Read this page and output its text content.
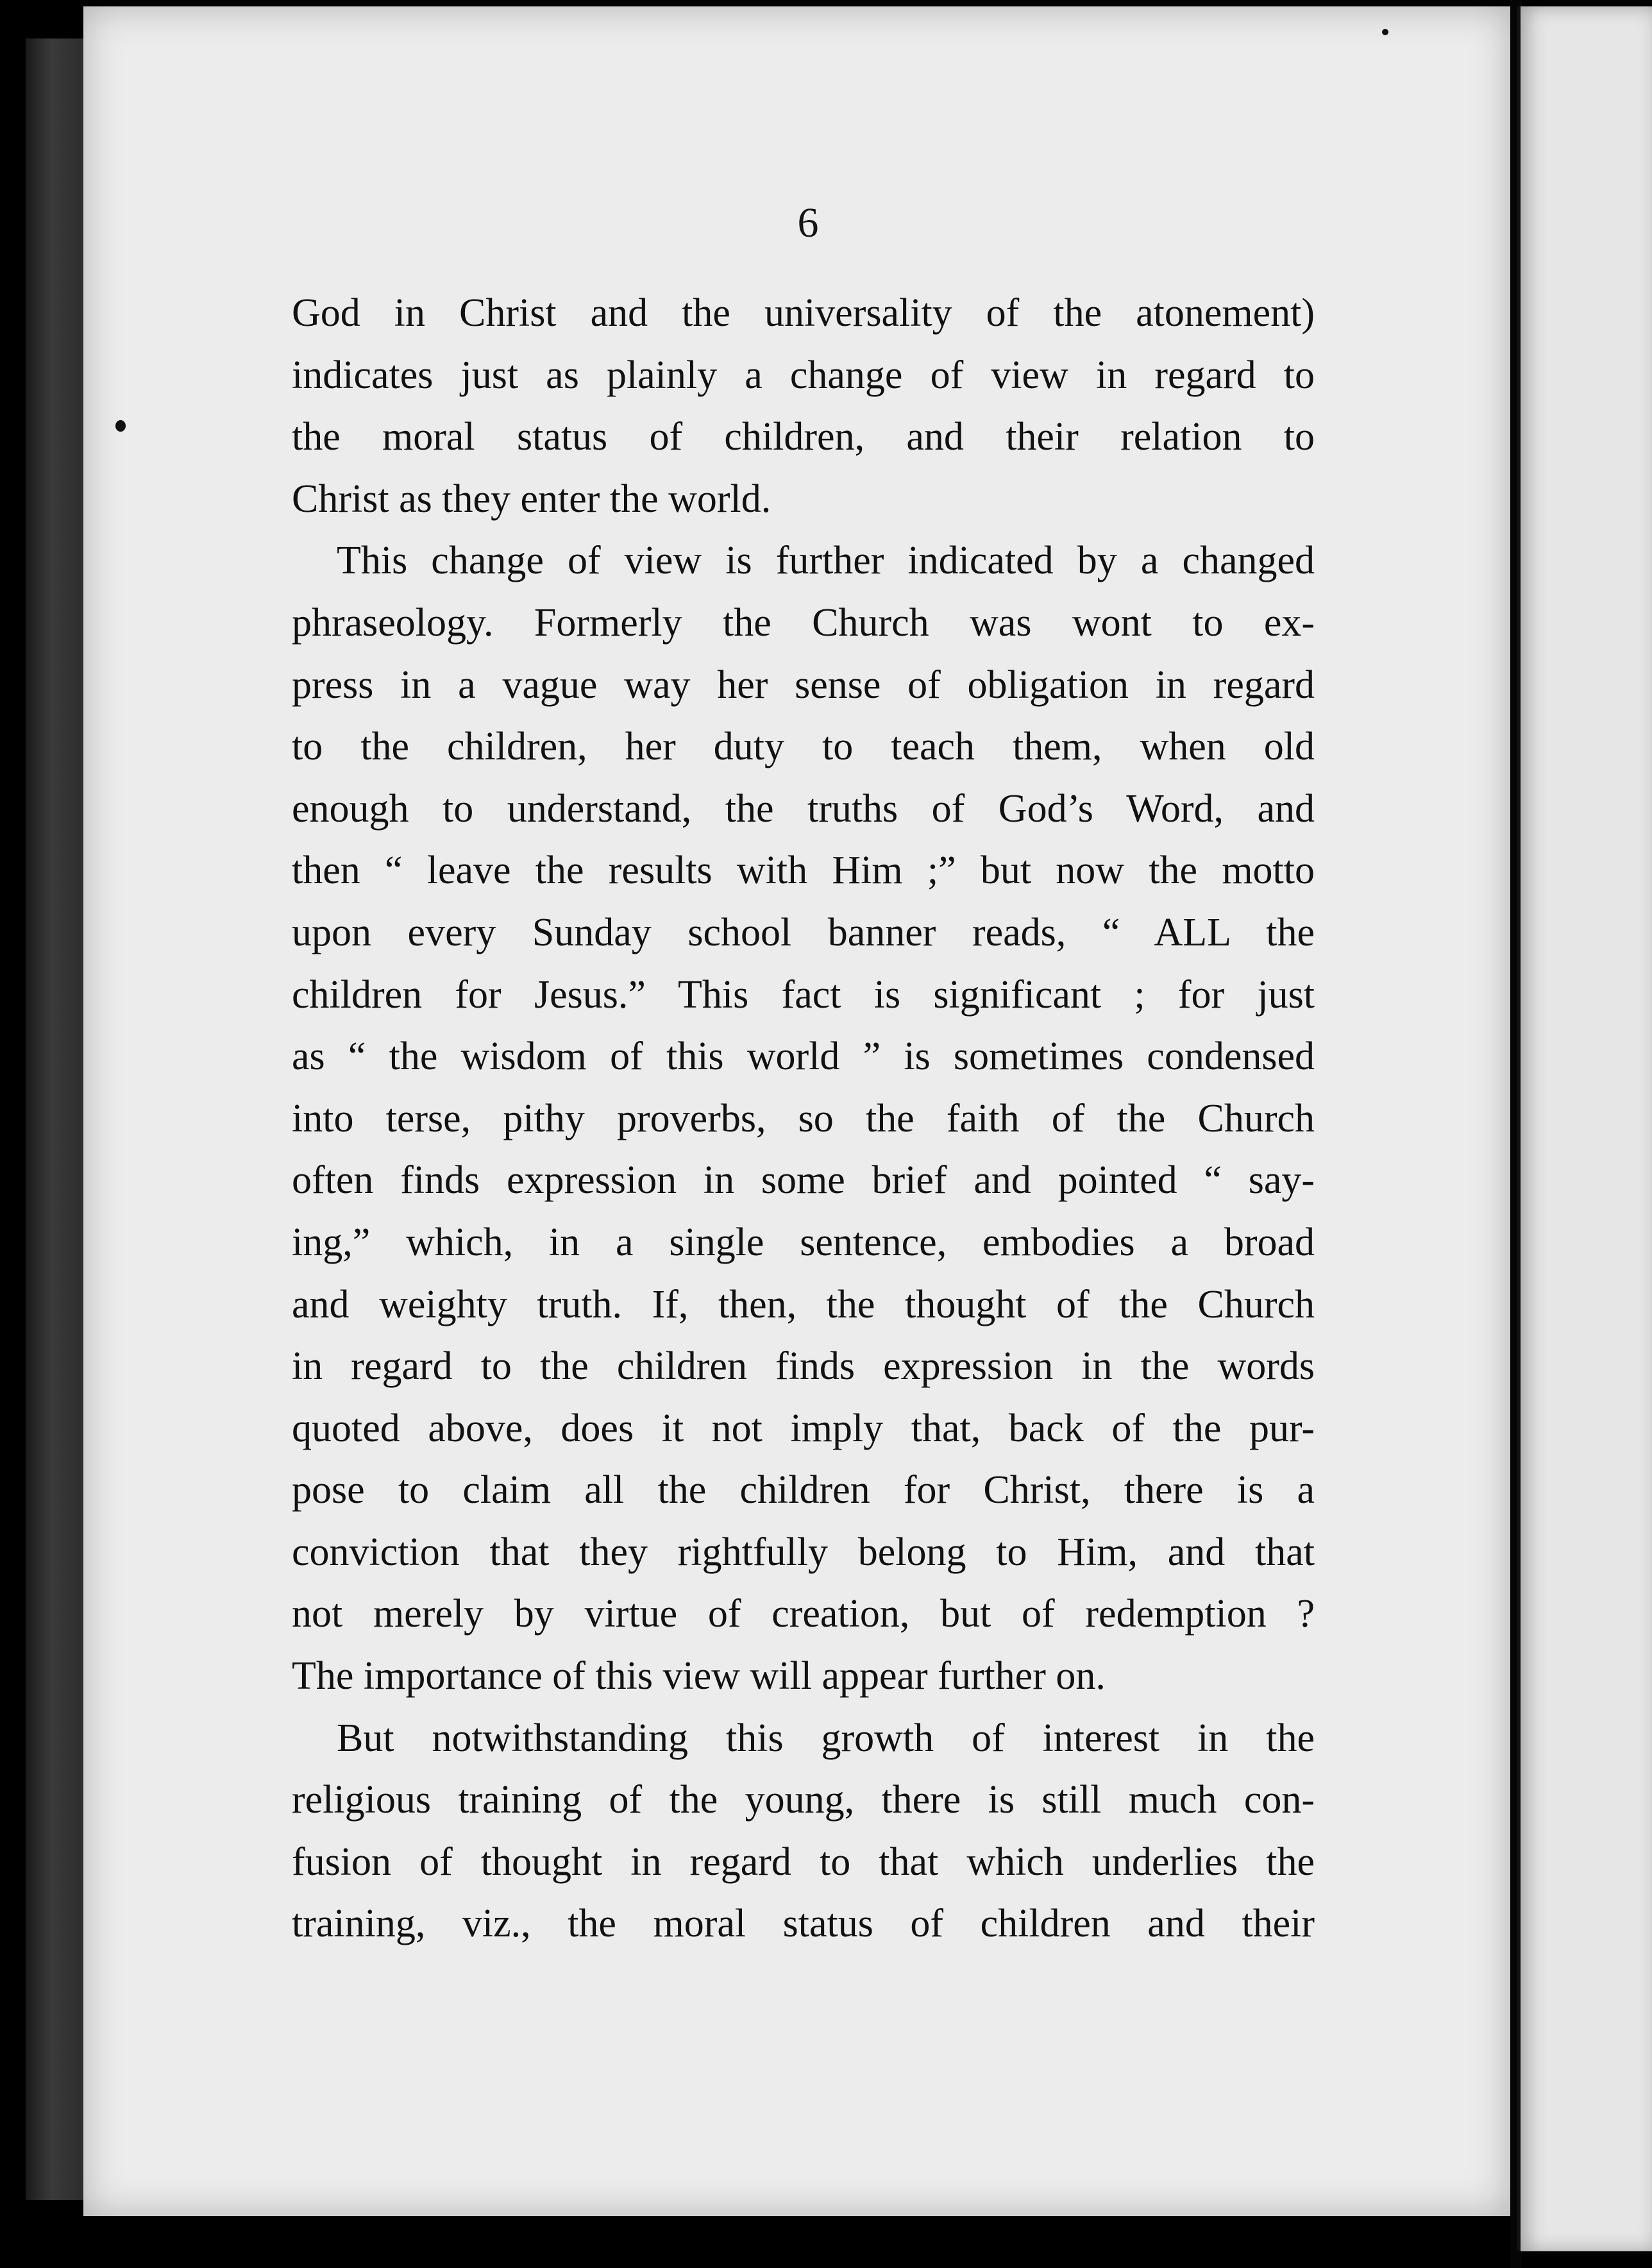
6

God in Christ and the universality of the atonement)
indicates just as plainly a change of view in regard to
the moral status of children, and their relation to
Christ as they enter the world.
This change of view is further indicated by a changed
phraseology. Formerly the Church was wont to ex-
press in a vague way her sense of obligation in regard
to the children, her duty to teach them, when old
enough to understand, the truths of God’s Word, and
then “ leave the results with Him ;” but now the motto
upon every Sunday school banner reads, “ ALL the
children for Jesus.” This fact is significant ; for just
as “ the wisdom of this world ” is sometimes condensed
into terse, pithy proverbs, so the faith of the Church
often finds expression in some brief and pointed “ say-
ing,” which, in a single sentence, embodies a broad
and weighty truth. If, then, the thought of the Church
in regard to the children finds expression in the words
quoted above, does it not imply that, back of the pur-
pose to claim all the children for Christ, there is a
conviction that they rightfully belong to Him, and that
not merely by virtue of creation, but of redemption ?
The importance of this view will appear further on.
But notwithstanding this growth of interest in the
religious training of the young, there is still much con-
fusion of thought in regard to that which underlies the
training, viz., the moral status of children and their
